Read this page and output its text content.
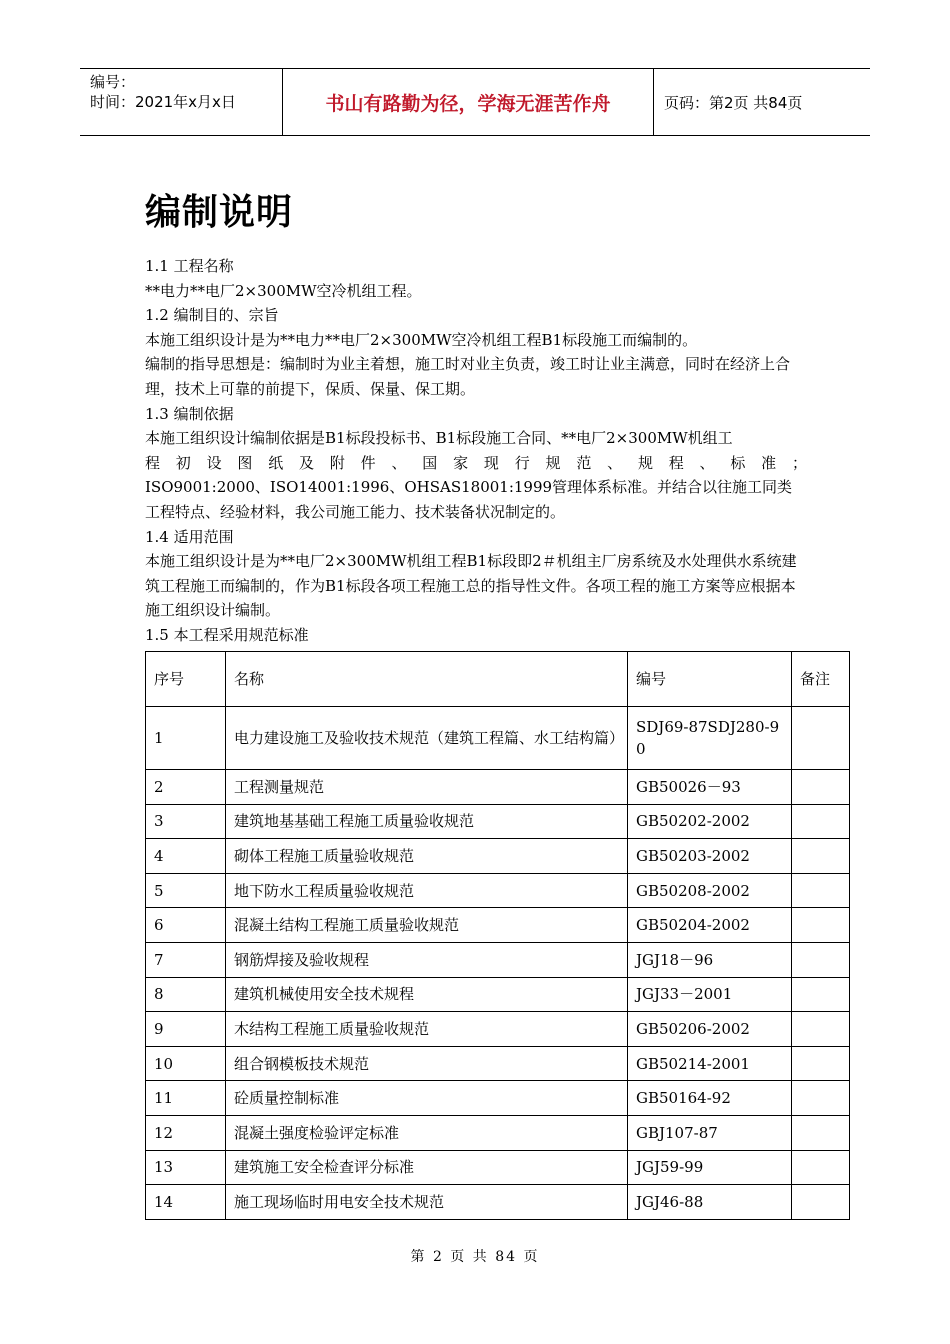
编号：
时间：2021年x月x日	书山有路勤为径，学海无涯苦作舟	页码：第2页 共84页
编制说明

1.1 工程名称

**电力**电厂2×300MW空冷机组工程。

1.2 编制目的、宗旨

本施工组织设计是为**电力**电厂2×300MW空冷机组工程B1标段施工而编制的。

编制的指导思想是：编制时为业主着想，施工时对业主负责，竣工时让业主满意，同时在经济上合理，技术上可靠的前提下，保质、保量、保工期。

1.3 编制依据

本施工组织设计编制依据是B1标段投标书、B1标段施工合同、**电厂2×300MW机组工

程初设图纸及附件、国家现行规范、规程、标准；

ISO9001:2000、ISO14001:1996、OHSAS18001:1999管理体系标准。并结合以往施工同类工程特点、经验材料，我公司施工能力、技术装备状况制定的。

1.4 适用范围

本施工组织设计是为**电厂2×300MW机组工程B1标段即2＃机组主厂房系统及水处理供水系统建筑工程施工而编制的，作为B1标段各项工程施工总的指导性文件。各项工程的施工方案等应根据本施工组织设计编制。

1.5 本工程采用规范标准

序号	名称	编号	备注
1	电力建设施工及验收技术规范（建筑工程篇、水工结构篇）	SDJ69-87SDJ280-9 0	
2	工程测量规范	GB50026－93	
3	建筑地基基础工程施工质量验收规范	GB50202-2002	
4	砌体工程施工质量验收规范	GB50203-2002	
5	地下防水工程质量验收规范	GB50208-2002	
6	混凝土结构工程施工质量验收规范	GB50204-2002	
7	钢筋焊接及验收规程	JGJ18－96	
8	建筑机械使用安全技术规程	JGJ33－2001	
9	木结构工程施工质量验收规范	GB50206-2002	
10	组合钢模板技术规范	GB50214-2001	
11	砼质量控制标准	GB50164-92	
12	混凝土强度检验评定标准	GBJ107-87	
13	建筑施工安全检查评分标准	JGJ59-99	
14	施工现场临时用电安全技术规范	JGJ46-88	
第 2 页 共 84 页
